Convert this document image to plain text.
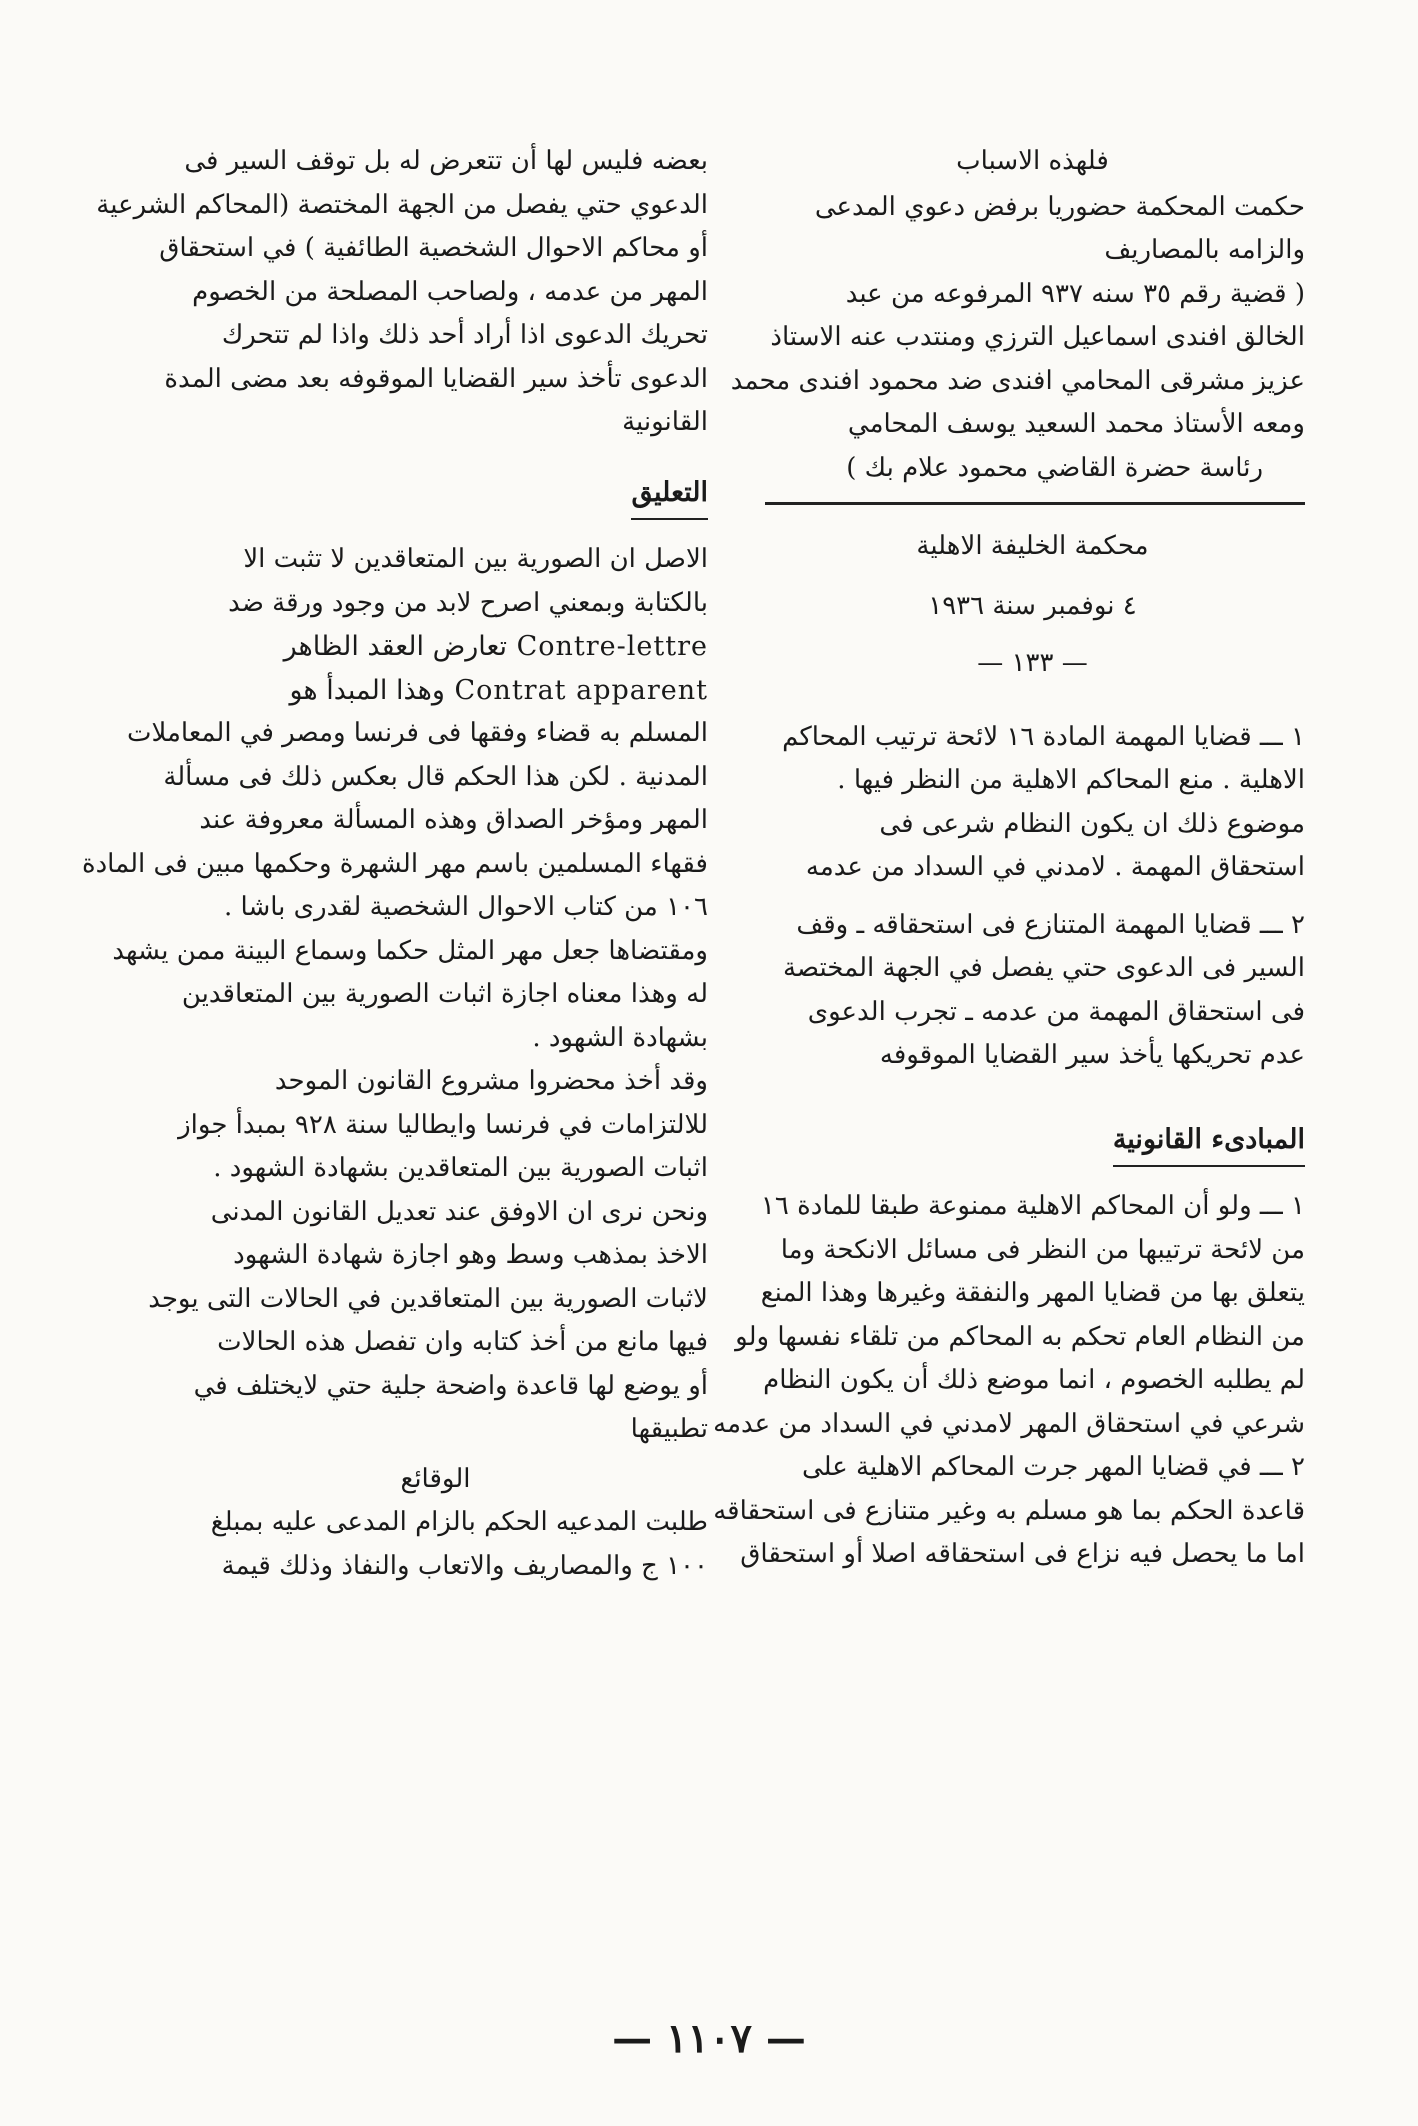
فلهذه الاسباب
حكمت المحكمة حضوريا برفض دعوي المدعى
والزامه بالمصاريف
( قضية رقم ٣٥ سنه ٩٣٧ المرفوعه من عبد
الخالق افندى اسماعيل الترزي ومنتدب عنه الاستاذ
عزيز مشرقى المحامي افندى ضد محمود افندى محمد
ومعه الأستاذ محمد السعيد يوسف المحامي
رئاسة حضرة القاضي محمود علام بك )
محكمة الخليفة الاهلية
٤ نوفمبر سنة ١٩٣٦
— ١٣٣ —
١ ـــ قضايا المهمة المادة ١٦ لائحة ترتيب المحاكم
الاهلية . منع المحاكم الاهلية من النظر فيها .
موضوع ذلك ان يكون النظام شرعى فى
استحقاق المهمة . لامدني في السداد من عدمه
٢ ـــ قضايا المهمة المتنازع فى استحقاقه ـ وقف
السير فى الدعوى حتي يفصل في الجهة المختصة
فى استحقاق المهمة من عدمه ـ تجرب الدعوى
عدم تحريكها يأخذ سير القضايا الموقوفه
المبادىء القانونية
١ ـــ ولو أن المحاكم الاهلية ممنوعة طبقا للمادة ١٦
من لائحة ترتيبها من النظر فى مسائل الانكحة وما
يتعلق بها من قضايا المهر والنفقة وغيرها وهذا المنع
من النظام العام تحكم به المحاكم من تلقاء نفسها ولو
لم يطلبه الخصوم ، انما موضع ذلك أن يكون النظام
شرعي في استحقاق المهر لامدني في السداد من عدمه
٢ ـــ في قضايا المهر جرت المحاكم الاهلية على
قاعدة الحكم بما هو مسلم به وغير متنازع فى استحقاقه
اما ما يحصل فيه نزاع فى استحقاقه اصلا أو استحقاق
بعضه فليس لها أن تتعرض له بل توقف السير فى
الدعوي حتي يفصل من الجهة المختصة (المحاكم الشرعية
أو محاكم الاحوال الشخصية الطائفية ) في استحقاق
المهر من عدمه ، ولصاحب المصلحة من الخصوم
تحريك الدعوى اذا أراد أحد ذلك واذا لم تتحرك
الدعوى تأخذ سير القضايا الموقوفه بعد مضى المدة
القانونية
التعليق
الاصل ان الصورية بين المتعاقدين لا تثبت الا
بالكتابة وبمعني اصرح لابد من وجود ورقة ضد
Contre-lettre تعارض العقد الظاهر
Contrat apparent وهذا المبدأ هو
المسلم به قضاء وفقها فى فرنسا ومصر في المعاملات
المدنية . لكن هذا الحكم قال بعكس ذلك فى مسألة
المهر ومؤخر الصداق وهذه المسألة معروفة عند
فقهاء المسلمين باسم مهر الشهرة وحكمها مبين فى المادة
١٠٦ من كتاب الاحوال الشخصية لقدرى باشا .
ومقتضاها جعل مهر المثل حكما وسماع البينة ممن يشهد
له وهذا معناه اجازة اثبات الصورية بين المتعاقدين
بشهادة الشهود .
وقد أخذ محضروا مشروع القانون الموحد
للالتزامات في فرنسا وايطاليا سنة ٩٢٨ بمبدأ جواز
اثبات الصورية بين المتعاقدين بشهادة الشهود .
ونحن نرى ان الاوفق عند تعديل القانون المدنى
الاخذ بمذهب وسط وهو اجازة شهادة الشهود
لاثبات الصورية بين المتعاقدين في الحالات التى يوجد
فيها مانع من أخذ كتابه وان تفصل هذه الحالات
أو يوضع لها قاعدة واضحة جلية حتي لايختلف في
تطبيقها
الوقائع
طلبت المدعيه الحكم بالزام المدعى عليه بمبلغ
١٠٠ ج والمصاريف والاتعاب والنفاذ وذلك قيمة
— ١١٠٧ —
